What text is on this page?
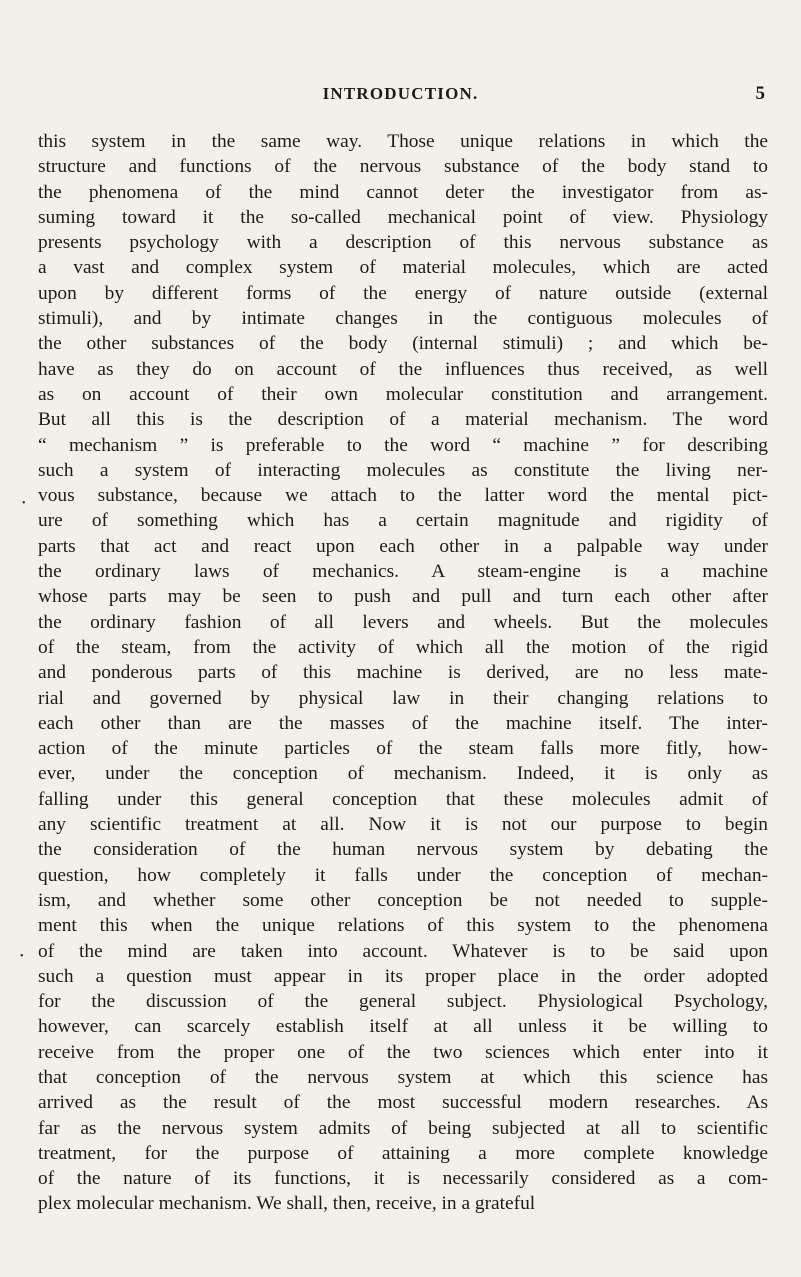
INTRODUCTION.	5
this system in the same way. Those unique relations in which the
structure and functions of the nervous substance of the body stand to
the phenomena of the mind cannot deter the investigator from as-
suming toward it the so-called mechanical point of view. Physiology
presents psychology with a description of this nervous substance as
a vast and complex system of material molecules, which are acted
upon by different forms of the energy of nature outside (external
stimuli), and by intimate changes in the contiguous molecules of
the other substances of the body (internal stimuli) ; and which be-
have as they do on account of the influences thus received, as well
as on account of their own molecular constitution and arrangement.
But all this is the description of a material mechanism. The word
“ mechanism ” is preferable to the word “ machine ” for describing
such a system of interacting molecules as constitute the living ner-
vous substance, because we attach to the latter word the mental pict-
ure of something which has a certain magnitude and rigidity of
parts that act and react upon each other in a palpable way under
the ordinary laws of mechanics. A steam-engine is a machine
whose parts may be seen to push and pull and turn each other after
the ordinary fashion of all levers and wheels. But the molecules
of the steam, from the activity of which all the motion of the rigid
and ponderous parts of this machine is derived, are no less mate-
rial and governed by physical law in their changing relations to
each other than are the masses of the machine itself. The inter-
action of the minute particles of the steam falls more fitly, how-
ever, under the conception of mechanism. Indeed, it is only as
falling under this general conception that these molecules admit of
any scientific treatment at all. Now it is not our purpose to begin
the consideration of the human nervous system by debating the
question, how completely it falls under the conception of mechan-
ism, and whether some other conception be not needed to supple-
ment this when the unique relations of this system to the phenomena
of the mind are taken into account. Whatever is to be said upon
such a question must appear in its proper place in the order adopted
for the discussion of the general subject. Physiological Psychology,
however, can scarcely establish itself at all unless it be willing to
receive from the proper one of the two sciences which enter into it
that conception of the nervous system at which this science has
arrived as the result of the most successful modern researches. As
far as the nervous system admits of being subjected at all to scientific
treatment, for the purpose of attaining a more complete knowledge
of the nature of its functions, it is necessarily considered as a com-
plex molecular mechanism. We shall, then, receive, in a grateful
•
•
